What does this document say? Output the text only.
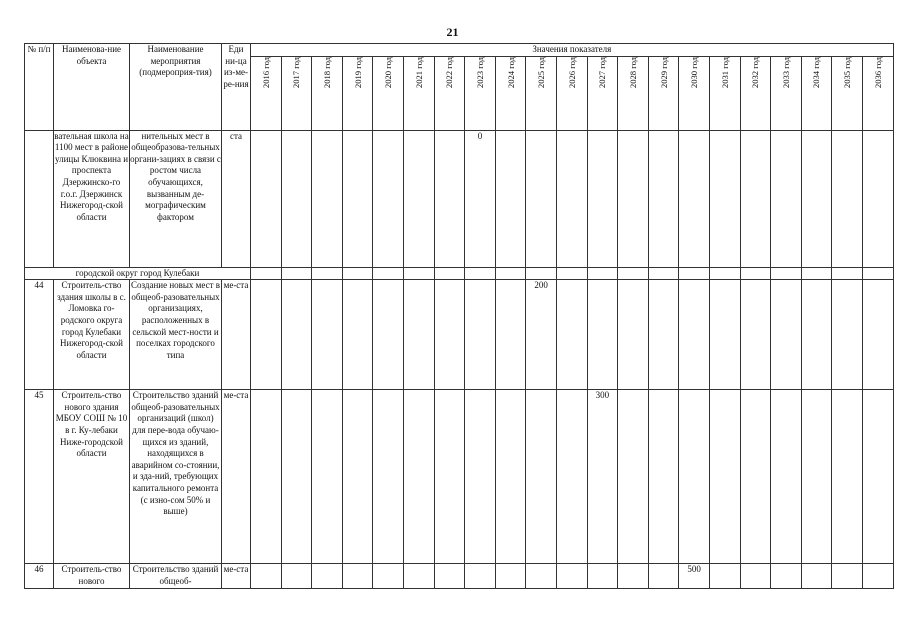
21
№ п/п	Наименова-ние объекта	Наименование мероприятия (подмероприя-тия)	Еди ни-ца из-ме-ре-ния	Значения показателя																				
				2016 год	2017 год	2018 год	2019 год	2020 год	2021 год	2022 год	2023 год	2024 год	2025 год	2026 год	2027 год	2028 год	2029 год	2030 год	2031 год	2032 год	2033 год	2034 год	2035 год	2036 год
	вательная школа на 1100 мест в районе улицы Клюквина и проспекта Дзержинско-го г.о.г. Дзержинск Нижегород-ской области	нительных мест в общеобразова-тельных органи-зациях в связи с ростом числа обучающихся, вызванным де-мографическим фактором	ста								0													
городской округ город Кулебаки																								
44	Строитель-ство здания школы в с. Ломовка го-родского округа город Кулебаки Нижегород-ской области	Создание новых мест в общеоб-разовательных организациях, расположенных в сельской мест-ности и поселках городского типа	ме-ста										200											
45	Строитель-ство нового здания МБОУ СОШ № 10 в г. Ку-лебаки Ниже-городской области	Строительство зданий общеоб-разовательных организаций (школ) для пере-вода обучаю-щихся из зданий, находящихся в аварийном со-стоянии, и зда-ний, требующих капитального ремонта (с изно-сом 50% и выше)	ме-ста												300									
46	Строитель-ство нового	Строительство зданий общеоб-	ме-ста															500						
